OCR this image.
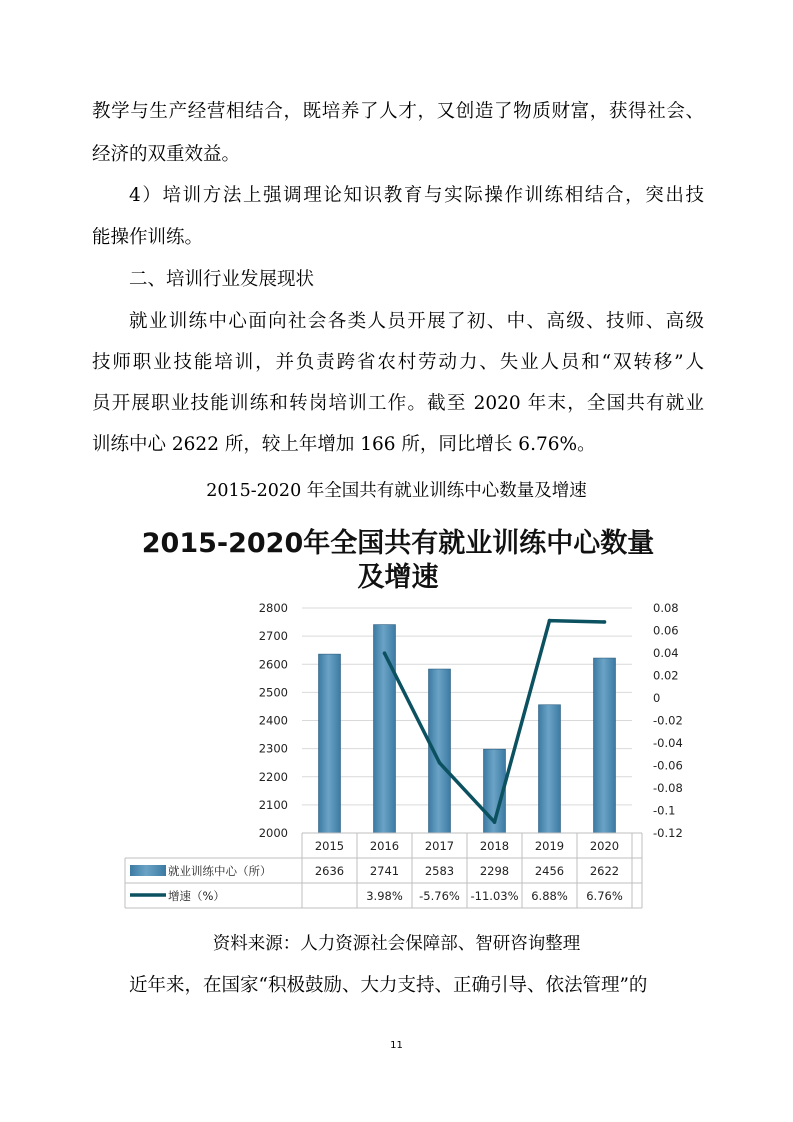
教学与生产经营相结合，既培养了人才，又创造了物质财富，获得社会、

经济的双重效益。

4）培训方法上强调理论知识教育与实际操作训练相结合，突出技

能操作训练。

二、培训行业发展现状

就业训练中心面向社会各类人员开展了初、中、高级、技师、高级

技师职业技能培训，并负责跨省农村劳动力、失业人员和“双转移”人

员开展职业技能训练和转岗培训工作。截至 2020 年末，全国共有就业

训练中心 2622 所，较上年增加 166 所，同比增长 6.76%。

2015-2020 年全国共有就业训练中心数量及增速

2015-2020年全国共有就业训练中心数量
及增速
2800
2700
2600
2500
2400
2300
2200
2100
2000
0.08
0.06
0.04
0.02
0
-0.02
-0.04
-0.06
-0.08
-0.1
-0.12
2015
2636
2016
2741
3.98%
2017
2583
-5.76%
2018
2298
-11.03%
2019
2456
6.88%
2020
2622
6.76%
就业训练中心（所）
增速（%）

资料来源：人力资源社会保障部、智研咨询整理

近年来，在国家“积极鼓励、大力支持、正确引导、依法管理”的

11
